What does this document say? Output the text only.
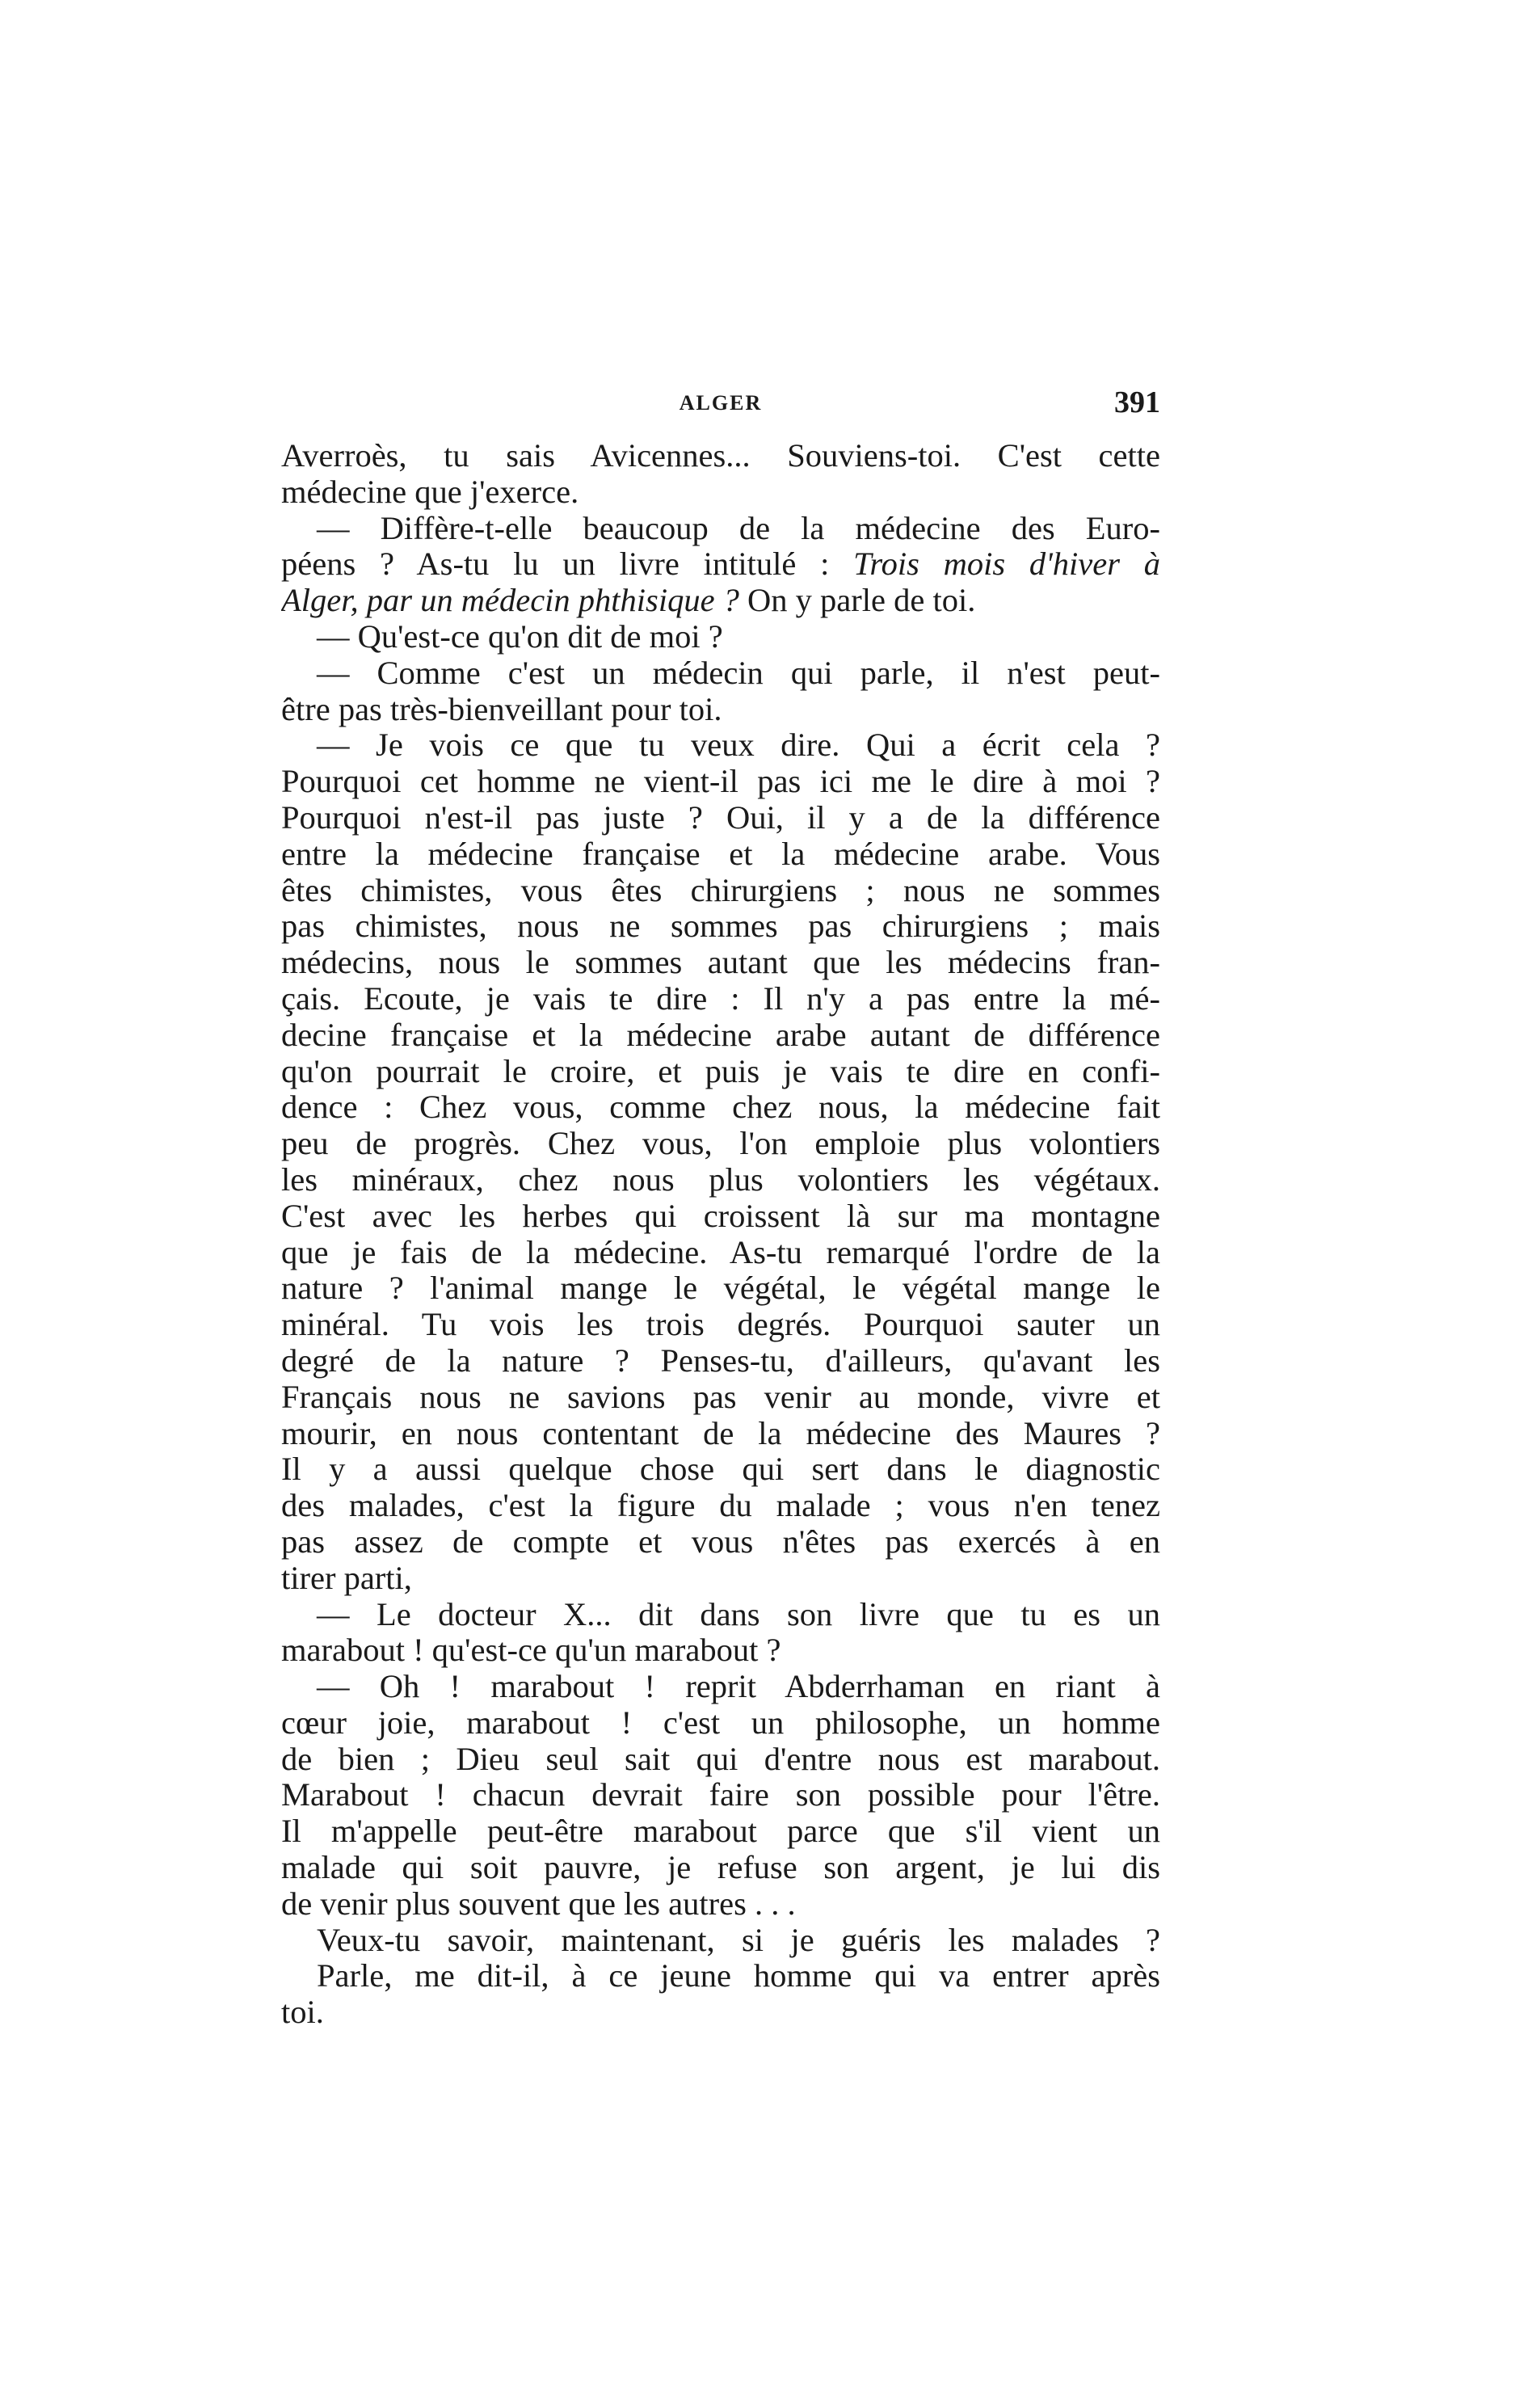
ALGER	391
Averroès, tu sais Avicennes... Souviens-toi. C'est cette
médecine que j'exerce.
— Diffère-t-elle beaucoup de la médecine des Euro-
péens ? As-tu lu un livre intitulé : Trois mois d'hiver à
Alger, par un médecin phthisique ? On y parle de toi.
— Qu'est-ce qu'on dit de moi ?
— Comme c'est un médecin qui parle, il n'est peut-
être pas très-bienveillant pour toi.
— Je vois ce que tu veux dire. Qui a écrit cela ?
Pourquoi cet homme ne vient-il pas ici me le dire à moi ?
Pourquoi n'est-il pas juste ? Oui, il y a de la différence
entre la médecine française et la médecine arabe. Vous
êtes chimistes, vous êtes chirurgiens ; nous ne sommes
pas chimistes, nous ne sommes pas chirurgiens ; mais
médecins, nous le sommes autant que les médecins fran-
çais. Ecoute, je vais te dire : Il n'y a pas entre la mé-
decine française et la médecine arabe autant de différence
qu'on pourrait le croire, et puis je vais te dire en confi-
dence : Chez vous, comme chez nous, la médecine fait
peu de progrès. Chez vous, l'on emploie plus volontiers
les minéraux, chez nous plus volontiers les végétaux.
C'est avec les herbes qui croissent là sur ma montagne
que je fais de la médecine. As-tu remarqué l'ordre de la
nature ? l'animal mange le végétal, le végétal mange le
minéral. Tu vois les trois degrés. Pourquoi sauter un
degré de la nature ? Penses-tu, d'ailleurs, qu'avant les
Français nous ne savions pas venir au monde, vivre et
mourir, en nous contentant de la médecine des Maures ?
Il y a aussi quelque chose qui sert dans le diagnostic
des malades, c'est la figure du malade ; vous n'en tenez
pas assez de compte et vous n'êtes pas exercés à en
tirer parti,
— Le docteur X... dit dans son livre que tu es un
marabout ! qu'est-ce qu'un marabout ?
— Oh ! marabout ! reprit Abderrhaman en riant à
cœur joie, marabout ! c'est un philosophe, un homme
de bien ; Dieu seul sait qui d'entre nous est marabout.
Marabout ! chacun devrait faire son possible pour l'être.
Il m'appelle peut-être marabout parce que s'il vient un
malade qui soit pauvre, je refuse son argent, je lui dis
de venir plus souvent que les autres . . .
Veux-tu savoir, maintenant, si je guéris les malades ?
Parle, me dit-il, à ce jeune homme qui va entrer après
toi.
